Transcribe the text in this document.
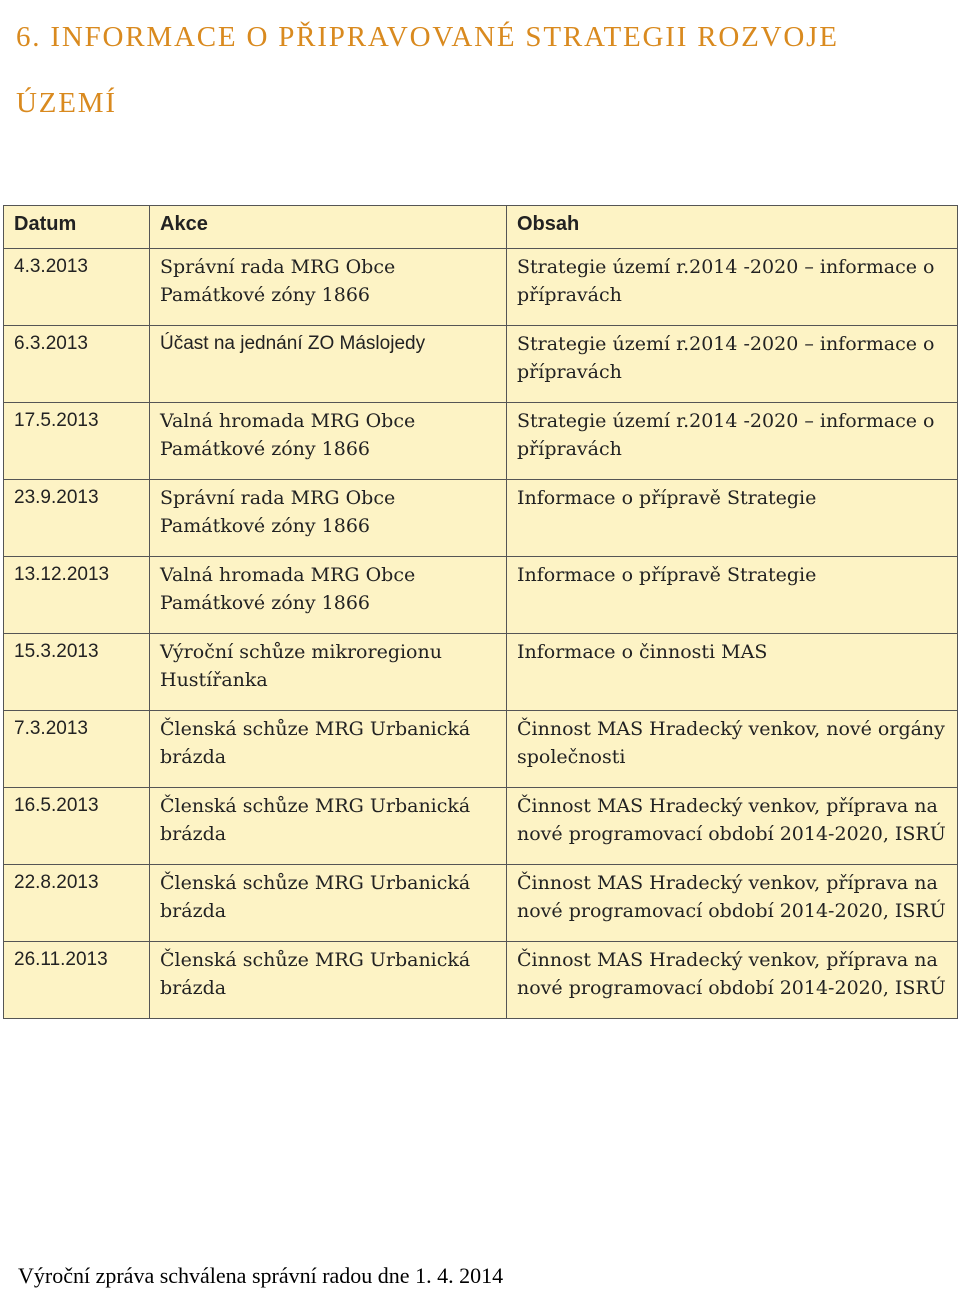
6. INFORMACE O PŘIPRAVOVANÉ STRATEGII ROZVOJE ÚZEMÍ
Datum	Akce	Obsah
4.3.2013	Správní rada MRG Obce Památkové zóny 1866	Strategie území r.2014 -2020 – informace o přípravách
6.3.2013	Účast na jednání ZO Máslojedy	Strategie území r.2014 -2020 – informace o přípravách
17.5.2013	Valná hromada MRG Obce Památkové zóny 1866	Strategie území r.2014 -2020 – informace o přípravách
23.9.2013	Správní rada MRG Obce Památkové zóny 1866	Informace o přípravě Strategie
13.12.2013	Valná hromada MRG Obce Památkové zóny 1866	Informace o přípravě Strategie
15.3.2013	Výroční schůze mikroregionu Hustířanka	Informace o činnosti MAS
7.3.2013	Členská schůze MRG Urbanická brázda	Činnost MAS Hradecký venkov, nové orgány společnosti
16.5.2013	Členská schůze MRG Urbanická brázda	Činnost MAS Hradecký venkov, příprava na nové programovací období 2014-2020, ISRÚ
22.8.2013	Členská schůze MRG Urbanická brázda	Činnost MAS Hradecký venkov, příprava na nové programovací období 2014-2020, ISRÚ
26.11.2013	Členská schůze MRG Urbanická brázda	Činnost MAS Hradecký venkov, příprava na nové programovací období 2014-2020, ISRÚ

Výroční zpráva schválena správní radou dne 1. 4. 2014
